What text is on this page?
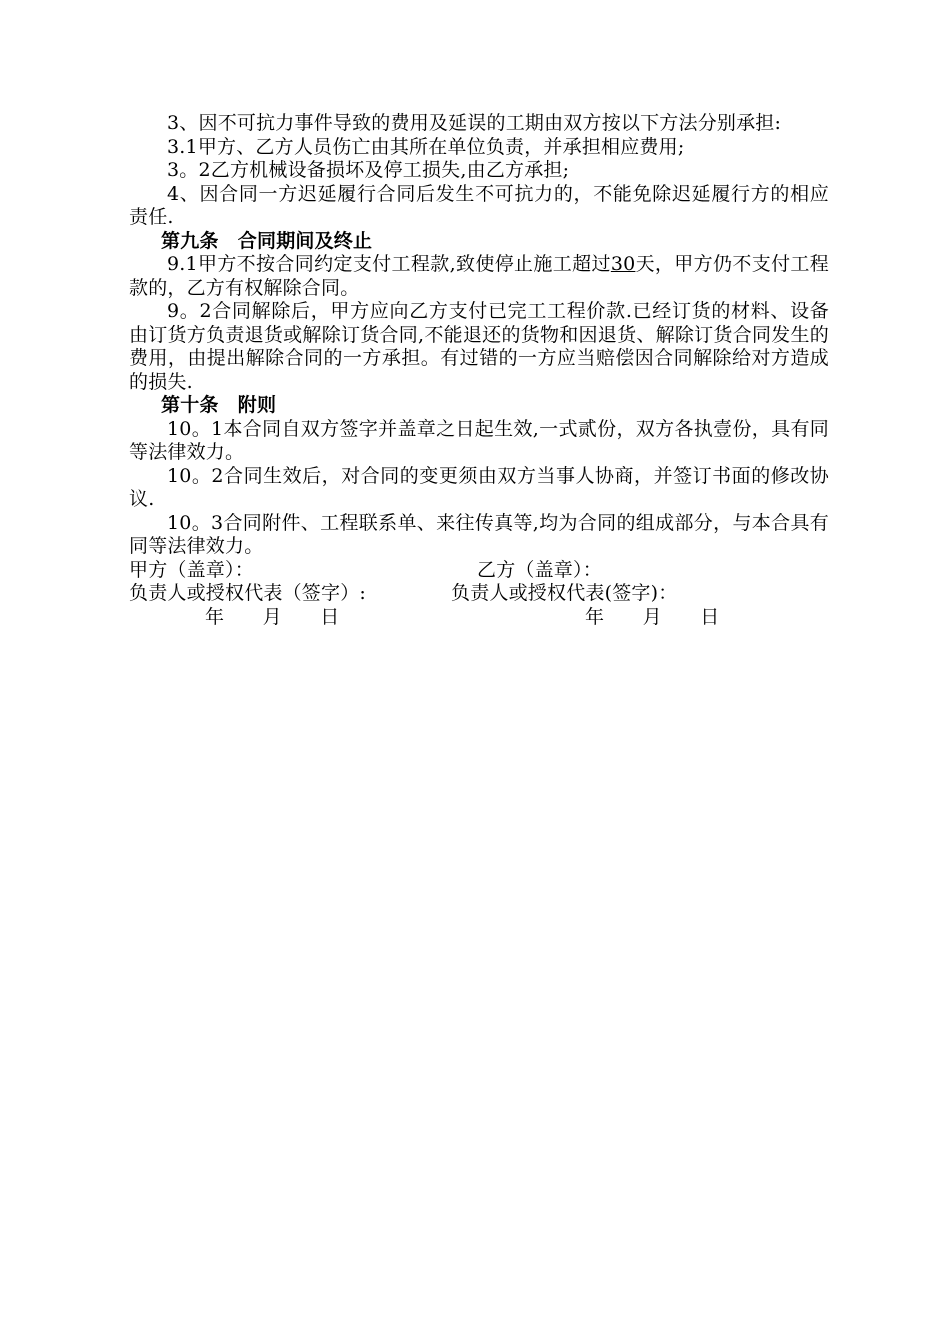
3、因不可抗力事件导致的费用及延误的工期由双方按以下方法分别承担:

3.1甲方、乙方人员伤亡由其所在单位负责，并承担相应费用;

3。2乙方机械设备损坏及停工损失,由乙方承担;

4、因合同一方迟延履行合同后发生不可抗力的，不能免除迟延履行方的相应责任.

第九条　合同期间及终止

9.1甲方不按合同约定支付工程款,致使停止施工超过30天，甲方仍不支付工程款的，乙方有权解除合同。

9。2合同解除后，甲方应向乙方支付已完工工程价款.已经订货的材料、设备由订货方负责退货或解除订货合同,不能退还的货物和因退货、解除订货合同发生的费用，由提出解除合同的一方承担。有过错的一方应当赔偿因合同解除给对方造成的损失.

第十条　附则

10。1本合同自双方签字并盖章之日起生效,一式贰份，双方各执壹份，具有同等法律效力。

10。2合同生效后，对合同的变更须由双方当事人协商，并签订书面的修改协议.

10。3合同附件、工程联系单、来往传真等,均为合同的组成部分，与本合具有同等法律效力。

甲方（盖章）：

	乙方（盖章）：

负责人或授权代表（签字）:

	负责人或授权代表(签字)：

年　　月　　日

	年　　月　　日
